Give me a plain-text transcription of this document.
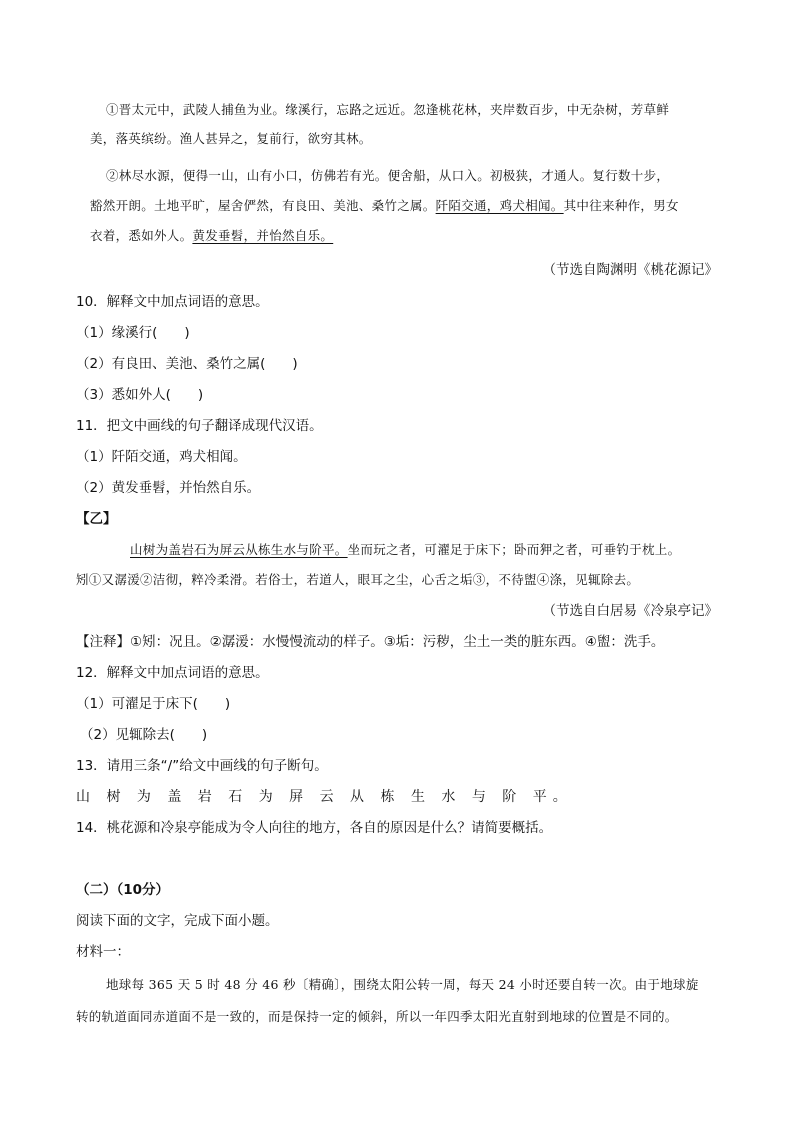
①晋太元中，武陵人捕鱼为业。缘溪行，忘路之远近。忽逢桃花林，夹岸数百步，中无杂树，芳草鲜
美，落英缤纷。渔人甚异之，复前行，欲穷其林。
②林尽水源，便得一山，山有小口，仿佛若有光。便舍船，从口入。初极狭，才通人。复行数十步，
豁然开朗。土地平旷，屋舍俨然，有良田、美池、桑竹之属。阡陌交通，鸡犬相闻。其中往来种作，男女
衣着，悉如外人。黄发垂髫，并怡然自乐。
（节选自陶渊明《桃花源记》
10．解释文中加点词语的意思。
（1）缘溪行(　　)
（2）有良田、美池、桑竹之属(　　)
（3）悉如外人(　　)
11．把文中画线的句子翻译成现代汉语。
（1）阡陌交通，鸡犬相闻。
（2）黄发垂髫，并怡然自乐。
【乙】
山树为盖岩石为屏云从栋生水与阶平。坐而玩之者，可濯足于床下；卧而狎之者，可垂钓于枕上。
矧①又潺湲②洁彻，粹冷柔滑。若俗士，若道人，眼耳之尘，心舌之垢③，不待盥④涤，见辄除去。
（节选自白居易《冷泉亭记》
【注释】①矧：况且。②潺湲：水慢慢流动的样子。③垢：污秽，尘土一类的脏东西。④盥：洗手。
12．解释文中加点词语的意思。
（1）可濯足于床下(　　)
（2）见辄除去(　　)
13．请用三条“/”给文中画线的句子断句。
山 树 为 盖 岩 石 为 屏 云 从 栋 生 水 与 阶 平。
14．桃花源和冷泉亭能成为令人向往的地方，各自的原因是什么？请简要概括。
（二）（10分）
阅读下面的文字，完成下面小题。
材料一：
地球每 365 天 5 时 48 分 46 秒〔精确〕，围绕太阳公转一周，每天 24 小时还要自转一次。由于地球旋
转的轨道面同赤道面不是一致的，而是保持一定的倾斜，所以一年四季太阳光直射到地球的位置是不同的。
